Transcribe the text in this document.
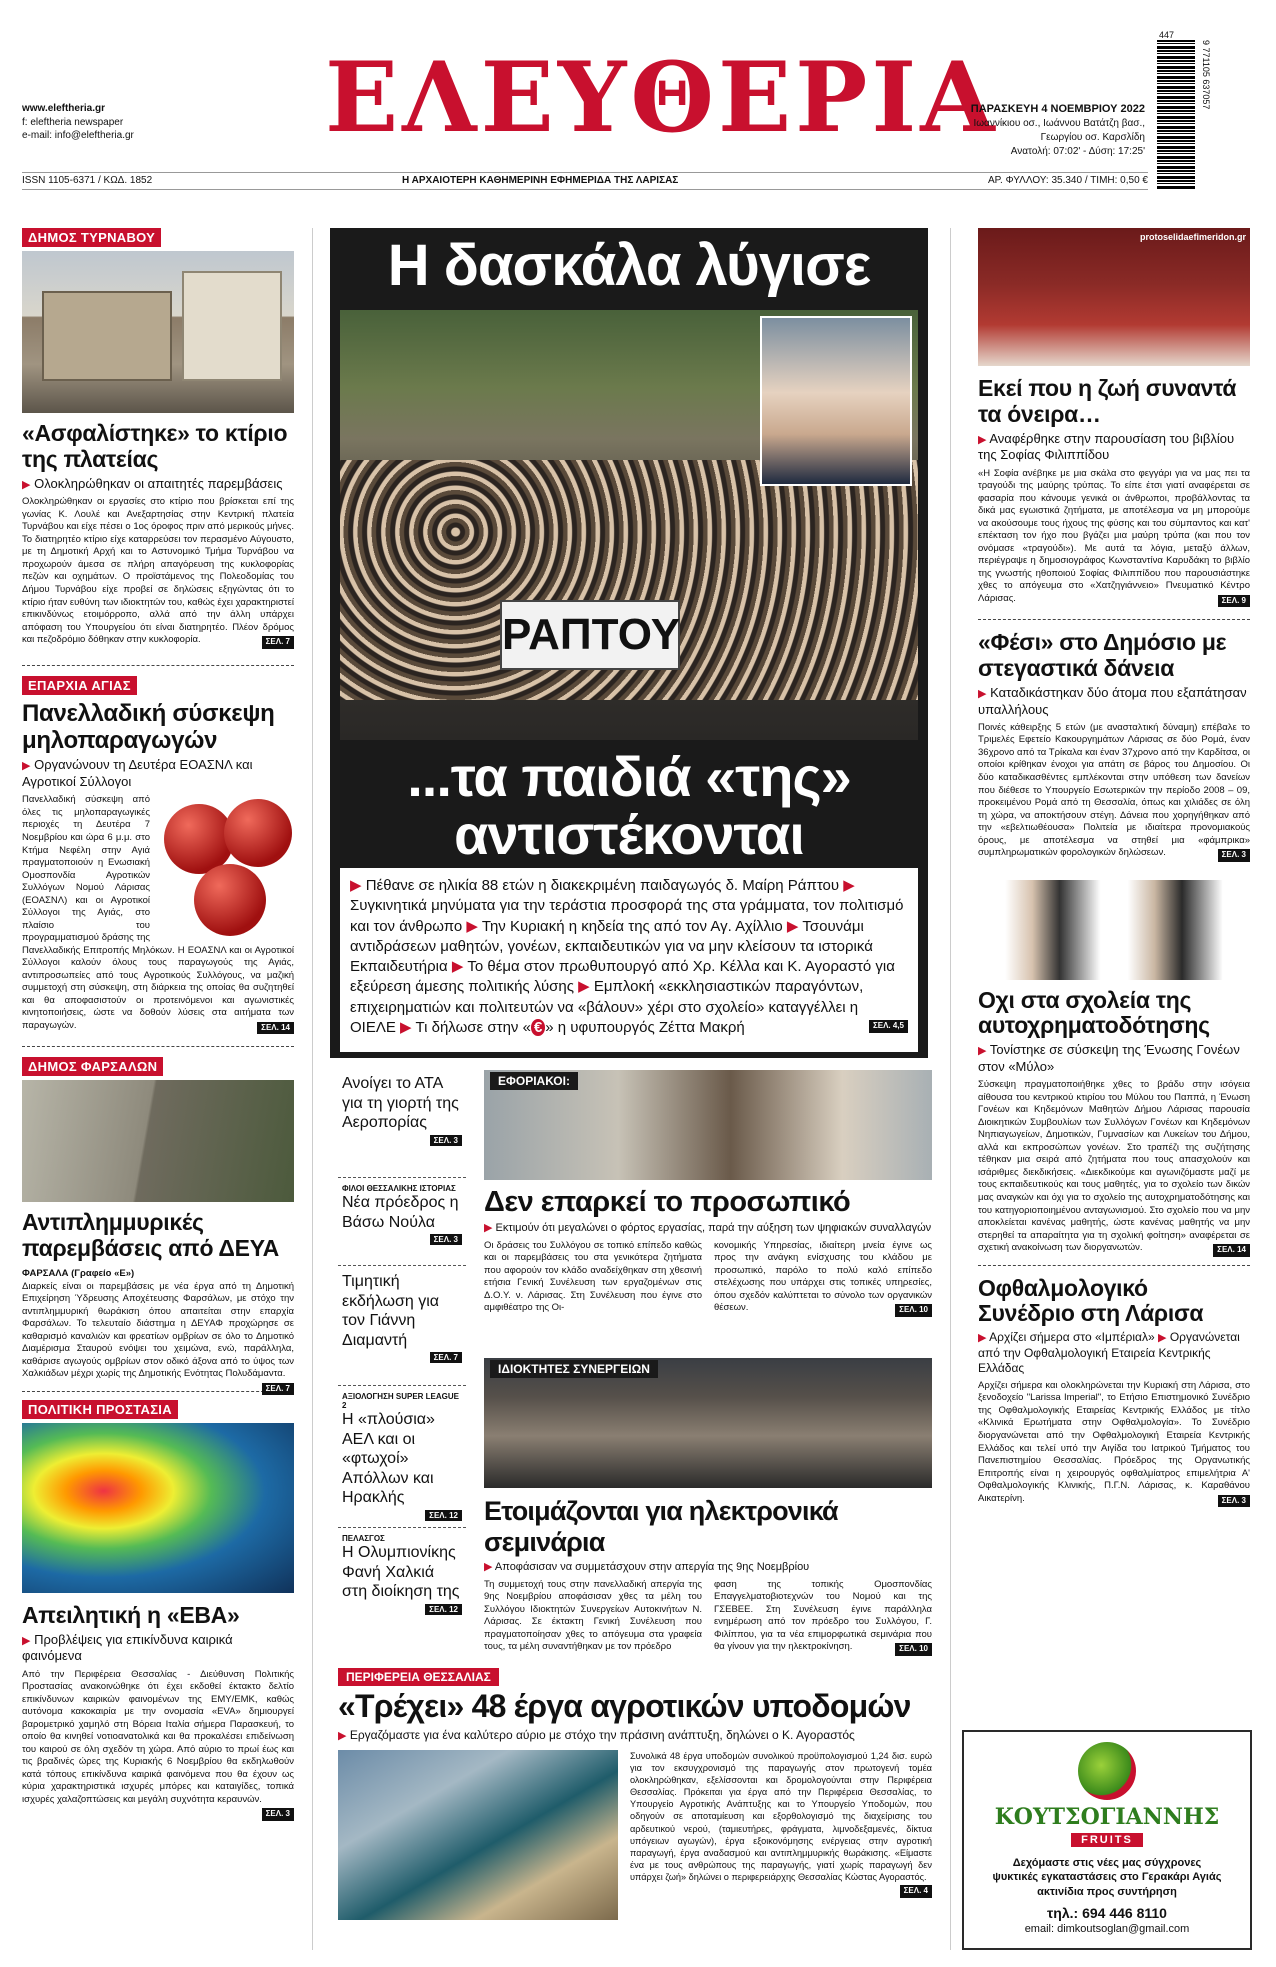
www.eleftheria.gr
f: eleftheria newspaper
e-mail: info@eleftheria.gr ΕΛΕΥΘΕΡΙΑ
ΠΑΡΑΣΚΕΥΗ 4 ΝΟΕΜΒΡΙΟΥ 2022
Ιωαννίκιου οσ., Ιωάννου Βατάτζη βασ.,
Γεωργίου οσ. Καρσλίδη
Ανατολή: 07:02' - Δύση: 17:25'
9 771105 637057
447
ISSN 1105-6371 / ΚΩΔ. 1852	Η ΑΡΧΑΙΟΤΕΡΗ ΚΑΘΗΜΕΡΙΝΗ ΕΦΗΜΕΡΙΔΑ ΤΗΣ ΛΑΡΙΣΑΣ	ΑΡ. ΦΥΛΛΟΥ: 35.340 / ΤΙΜΗ: 0,50 €
ΔΗΜΟΣ ΤΥΡΝΑΒΟΥ
«Ασφαλίστηκε» το κτίριο της πλατείας
▶ Ολοκληρώθηκαν οι απαιτητές παρεμβάσεις
Ολοκληρώθηκαν οι εργασίες στο κτίριο που βρίσκεται επί της γωνίας Κ. Λουλέ και Ανεξαρτησίας στην Κεντρική πλατεία Τυρνάβου και είχε πέσει ο 1ος όροφος πριν από μερικούς μήνες. Το διατηρητέο κτίριο είχε καταρρεύσει τον περασμένο Αύγουστο, με τη Δημοτική Αρχή και το Αστυνομικό Τμήμα Τυρνάβου να προχωρούν άμεσα σε πλήρη απαγόρευση της κυκλοφορίας πεζών και οχημάτων. Ο προϊστάμενος της Πολεοδομίας του Δήμου Τυρνάβου είχε προβεί σε δηλώσεις εξηγώντας ότι το κτίριο ήταν ευθύνη των ιδιοκτητών του, καθώς έχει χαρακτηριστεί επικινδύνως ετοιμόρροπο, αλλά από την άλλη υπάρχει απόφαση του Υπουργείου ότι είναι διατηρητέο. Πλέον δρόμος και πεζοδρόμιο δόθηκαν στην κυκλοφορία.	ΣΕΛ. 7
ΕΠΑΡΧΙΑ ΑΓΙΑΣ
Πανελλαδική σύσκεψη μηλοπαραγωγών
▶ Οργανώνουν τη Δευτέρα ΕΟΑΣΝΛ και Αγροτικοί Σύλλογοι
Πανελλαδική σύσκεψη από όλες τις μηλοπαραγωγικές περιοχές τη Δευτέρα 7 Νοεμβρίου και ώρα 6 μ.μ. στο Κτήμα Νεφέλη στην Αγιά πραγματοποιούν η Ενωσιακή Ομοσπονδία Αγροτικών Συλλόγων Νομού Λάρισας (ΕΟΑΣΝΛ) και οι Αγροτικοί Σύλλογοι της Αγιάς, στο πλαίσιο του προγραμματισμού δράσης της Πανελλαδικής Επιτροπής Μηλόκων. Η ΕΟΑΣΝΛ και οι Αγροτικοί Σύλλογοι καλούν όλους τους παραγωγούς της Αγιάς, αντιπροσωπείες από τους Αγροτικούς Συλλόγους, να μαζική συμμετοχή στη σύσκεψη, στη διάρκεια της οποίας θα συζητηθεί και θα αποφασιστούν οι προτεινόμενοι και αγωνιστικές κινητοποιήσεις, ώστε να δοθούν λύσεις στα αιτήματα των παραγωγών.	ΣΕΛ. 14
ΔΗΜΟΣ ΦΑΡΣΑΛΩΝ
Αντιπλημμυρικές παρεμβάσεις από ΔΕΥΑ
ΦΑΡΣΑΛΑ (Γραφείο «Ε»)
Διαρκείς είναι οι παρεμβάσεις με νέα έργα από τη Δημοτική Επιχείρηση Ύδρευσης Αποχέτευσης Φαρσάλων, με στόχο την αντιπλημμυρική θωράκιση όπου απαιτείται στην επαρχία Φαρσάλων. Το τελευταίο διάστημα η ΔΕΥΑΦ προχώρησε σε καθαρισμό καναλιών και φρεατίων ομβρίων σε όλο το Δημοτικό Διαμέρισμα Σταυρού ενόψει του χειμώνα, ενώ, παράλληλα, καθάρισε αγωγούς ομβρίων στον οδικό άξονα από το ύψος των Χαλκιάδων μέχρι χωρίς της Δημοτικής Ενότητας Πολυδάμαντα.
ΣΕΛ. 7
ΠΟΛΙΤΙΚΗ ΠΡΟΣΤΑΣΙΑ
Απειλητική η «ΕΒΑ»
▶ Προβλέψεις για επικίνδυνα καιρικά φαινόμενα
Από την Περιφέρεια Θεσσαλίας - Διεύθυνση Πολιτικής Προστασίας ανακοινώθηκε ότι έχει εκδοθεί έκτακτο δελτίο επικίνδυνων καιρικών φαινομένων της ΕΜΥ/ΕΜΚ, καθώς αυτόνομα κακοκαιρία με την ονομασία «EVA» δημιουργεί βαρομετρικό χαμηλό στη Βόρεια Ιταλία σήμερα Παρασκευή, το οποίο θα κινηθεί νοτιοανατολικά και θα προκαλέσει επιδείνωση του καιρού σε όλη σχεδόν τη χώρα. Από αύριο το πρωί έως και τις βραδινές ώρες της Κυριακής 6 Νοεμβρίου θα εκδηλωθούν κατά τόπους επικίνδυνα καιρικά φαινόμενα που θα έχουν ως κύρια χαρακτηριστικά ισχυρές μπόρες και καταιγίδες, τοπικά ισχυρές χαλαζοπτώσεις και μεγάλη συχνότητα κεραυνών.
ΣΕΛ. 3
Η δασκάλα λύγισε
ΡΑΠΤΟΥ
...τα παιδιά «της» αντιστέκονται
▶ Πέθανε σε ηλικία 88 ετών η διακεκριμένη παιδαγωγός δ. Μαίρη Ράπτου ▶ Συγκινητικά μηνύματα για την τεράστια προσφορά της στα γράμματα, τον πολιτισμό και τον άνθρωπο ▶ Την Κυριακή η κηδεία της από τον Αγ. Αχίλλιο ▶ Τσουνάμι αντιδράσεων μαθητών, γονέων, εκπαιδευτικών για να μην κλείσουν τα ιστορικά Εκπαιδευτήρια ▶ Το θέμα στον πρωθυπουργό από Χρ. Κέλλα και Κ. Αγοραστό για εξεύρεση άμεσης πολιτικής λύσης ▶ Εμπλοκή «εκκλησιαστικών παραγόντων, επιχειρηματιών και πολιτευτών να «βάλουν» χέρι στο σχολείο» καταγγέλλει η ΟΙΕΛΕ ▶ Τι δήλωσε στην « € » η υφυπουργός Ζέττα Μακρή	ΣΕΛ. 4,5
Ανοίγει το ΑΤΑ για τη γιορτή της Αεροπορίας
ΣΕΛ. 3
ΦΙΛΟΙ ΘΕΣΣΑΛΙΚΗΣ ΙΣΤΟΡΙΑΣ
Νέα πρόεδρος η Βάσω Νούλα
ΣΕΛ. 3
Τιμητική εκδήλωση για τον Γιάννη Διαμαντή
ΣΕΛ. 7
ΑΞΙΟΛΟΓΗΣΗ SUPER LEAGUE 2
Η «πλούσια» ΑΕΛ και οι «φτωχοί» Απόλλων και Ηρακλής
ΣΕΛ. 12
ΠΕΛΑΣΓΟΣ
Η Ολυμπιονίκης Φανή Χαλκιά στη διοίκηση της
ΣΕΛ. 12
ΕΦΟΡΙΑΚΟΙ:
Δεν επαρκεί το προσωπικό
▶ Εκτιμούν ότι μεγαλώνει ο φόρτος εργασίας, παρά την αύξηση των ψηφιακών συναλλαγών
Οι δράσεις του Συλλόγου σε τοπικό επίπεδο καθώς και οι παρεμβάσεις του στα γενικότερα ζητήματα που αφορούν τον κλάδο αναδείχθηκαν στη χθεσινή ετήσια Γενική Συνέλευση των εργαζομένων στις Δ.Ο.Υ. ν. Λάρισας. Στη Συνέλευση που έγινε στο αμφιθέατρο της Οι-
κονομικής Υπηρεσίας, ιδιαίτερη μνεία έγινε ως προς την ανάγκη ενίσχυσης του κλάδου με προσωπικό, παρόλο το πολύ καλό επίπεδο στελέχωσης που υπάρχει στις τοπικές υπηρεσίες, όπου σχεδόν καλύπτεται το σύνολο των οργανικών θέσεων.	ΣΕΛ. 10
ΙΔΙΟΚΤΗΤΕΣ ΣΥΝΕΡΓΕΙΩΝ
Ετοιμάζονται για ηλεκτρονικά σεμινάρια
▶ Αποφάσισαν να συμμετάσχουν στην απεργία της 9ης Νοεμβρίου
Τη συμμετοχή τους στην πανελλαδική απεργία της 9ης Νοεμβρίου αποφάσισαν χθες τα μέλη του Συλλόγου Ιδιοκτητών Συνεργείων Αυτοκινήτων Ν. Λάρισας. Σε έκτακτη Γενική Συνέλευση που πραγματοποίησαν χθες το απόγευμα στα γραφεία τους, τα μέλη συναντήθηκαν με τον πρόεδρο
φαση της τοπικής Ομοσπονδίας Επαγγελματοβιοτεχνών του Νομού και της ΓΣΕΒΕΕ. Στη Συνέλευση έγινε παράλληλα ενημέρωση από τον πρόεδρο του Συλλόγου, Γ. Φιλίππου, για τα νέα επιμορφωτικά σεμινάρια που θα γίνουν για την ηλεκτροκίνηση.	ΣΕΛ. 10
ΠΕΡΙΦΕΡΕΙΑ ΘΕΣΣΑΛΙΑΣ
«Τρέχει» 48 έργα αγροτικών υποδομών
▶ Εργαζόμαστε για ένα καλύτερο αύριο με στόχο την πράσινη ανάπτυξη, δηλώνει ο Κ. Αγοραστός
Συνολικά 48 έργα υποδομών συνολικού προϋπολογισμού 1,24 δισ. ευρώ για τον εκσυγχρονισμό της παραγωγής στον πρωτογενή τομέα ολοκληρώθηκαν, εξελίσσονται και δρομολογούνται στην Περιφέρεια Θεσσαλίας. Πρόκειται για έργα από την Περιφέρεια Θεσσαλίας, το Υπουργείο Αγροτικής Ανάπτυξης και το Υπουργείο Υποδομών, που οδηγούν σε αποταμίευση και εξορθολογισμό της διαχείρισης του αρδευτικού νερού, (ταμιευτήρες, φράγματα, λιμνοδεξαμενές, δίκτυα υπόγειων αγωγών), έργα εξοικονόμησης ενέργειας στην αγροτική παραγωγή, έργα αναδασμού και αντιπλημμυρικής θωράκισης. «Είμαστε ένα με τους ανθρώπους της παραγωγής, γιατί χωρίς παραγωγή δεν υπάρχει ζωή» δηλώνει ο περιφερειάρχης Θεσσαλίας Κώστας Αγοραστός.
ΣΕΛ. 4
protoselidaefimeridon.gr
Εκεί που η ζωή συναντά τα όνειρα…
▶ Αναφέρθηκε στην παρουσίαση του βιβλίου της Σοφίας Φιλιππίδου
«Η Σοφία ανέβηκε με μια σκάλα στο φεγγάρι για να μας πει τα τραγούδι της μαύρης τρύπας. Το είπε έτσι γιατί αναφέρεται σε φασαρία που κάνουμε γενικά οι άνθρωποι, προβάλλοντας τα δικά μας εγωιστικά ζητήματα, με αποτέλεσμα να μη μπορούμε να ακούσουμε τους ήχους της φύσης και του σύμπαντος και κατ' επέκταση τον ήχο που βγάζει μια μαύρη τρύπα (και που τον ονόμασε «τραγούδι»). Με αυτά τα λόγια, μεταξύ άλλων, περιέγραψε η δημοσιογράφος Κωνσταντίνα Καρυδάκη το βιβλίο της γνωστής ηθοποιού Σοφίας Φιλιππίδου που παρουσιάστηκε χθες το απόγευμα στο «Χατζηγιάννειο» Πνευματικό Κέντρο Λάρισας.	ΣΕΛ. 9
«Φέσι» στο Δημόσιο με στεγαστικά δάνεια
▶ Καταδικάστηκαν δύο άτομα που εξαπάτησαν υπαλλήλους
Ποινές κάθειρξης 5 ετών (με ανασταλτική δύναμη) επέβαλε το Τριμελές Εφετείο Κακουργημάτων Λάρισας σε δύο Ρομά, έναν 36χρονο από τα Τρίκαλα και έναν 37χρονο από την Καρδίτσα, οι οποίοι κρίθηκαν ένοχοι για απάτη σε βάρος του Δημοσίου. Οι δύο καταδικασθέντες εμπλέκονται στην υπόθεση των δανείων που διέθεσε το Υπουργείο Εσωτερικών την περίοδο 2008 – 09, προκειμένου Ρομά από τη Θεσσαλία, όπως και χιλιάδες σε όλη τη χώρα, να αποκτήσουν στέγη. Δάνεια που χορηγήθηκαν από την «εβελτιωθέουσα» Πολιτεία με ιδιαίτερα προνομιακούς όρους, με αποτέλεσμα να στηθεί μια «φάμπρικα» συμπληρωματικών φορολογικών δηλώσεων.	ΣΕΛ. 3
Οχι στα σχολεία της αυτοχρηματοδότησης
▶ Τονίστηκε σε σύσκεψη της Ένωσης Γονέων στον «Μύλο»
Σύσκεψη πραγματοποιήθηκε χθες το βράδυ στην ισόγεια αίθουσα του κεντρικού κτιρίου του Μύλου του Παππά, η Ένωση Γονέων και Κηδεμόνων Μαθητών Δήμου Λάρισας παρουσία Διοικητικών Συμβουλίων των Συλλόγων Γονέων και Κηδεμόνων Νηπιαγωγείων, Δημοτικών, Γυμνασίων και Λυκείων του Δήμου, αλλά και εκπροσώπων γονέων. Στο τραπέζι της συζήτησης τέθηκαν μια σειρά από ζητήματα που τους απασχολούν και ισάριθμες διεκδικήσεις. «Διεκδικούμε και αγωνιζόμαστε μαζί με τους εκπαιδευτικούς και τους μαθητές, για το σχολείο των δικών μας αναγκών και όχι για το σχολείο της αυτοχρηματοδότησης και του κατηγοριοποιημένου ανταγωνισμού. Στο σχολείο που να μην αποκλείεται κανένας μαθητής, ώστε κανένας μαθητής να μην στερηθεί τα απαραίτητα για τη σχολική φοίτηση» αναφέρεται σε σχετική ανακοίνωση των διοργανωτών.	ΣΕΛ. 14
Οφθαλμολογικό Συνέδριο στη Λάρισα
▶ Αρχίζει σήμερα στο «Ιμπέριαλ» ▶ Οργανώνεται από την Οφθαλμολογική Εταιρεία Κεντρικής Ελλάδας
Αρχίζει σήμερα και ολοκληρώνεται την Κυριακή στη Λάρισα, στο ξενοδοχείο "Larissa Imperial", το Ετήσιο Επιστημονικό Συνέδριο της Οφθαλμολογικής Εταιρείας Κεντρικής Ελλάδος με τίτλο «Κλινικά Ερωτήματα στην Οφθαλμολογία». Το Συνέδριο διοργανώνεται από την Οφθαλμολογική Εταιρεία Κεντρικής Ελλάδος και τελεί υπό την Αιγίδα του Ιατρικού Τμήματος του Πανεπιστημίου Θεσσαλίας. Πρόεδρος της Οργανωτικής Επιτροπής είναι η χειρουργός οφθαλμίατρος επιμελήτρια Α' Οφθαλμολογικής Κλινικής, Π.Γ.Ν. Λάρισας, κ. Καραθάνου Αικατερίνη.	ΣΕΛ. 3
ΚΟΥΤΣΟΓΙΑΝΝΗΣ
FRUITS
Δεχόμαστε στις νέες μας σύγχρονες
ψυκτικές εγκαταστάσεις στο Γερακάρι Αγιάς
ακτινίδια προς συντήρηση
τηλ.: 694 446 8110
email: dimkoutsoglan@gmail.com
